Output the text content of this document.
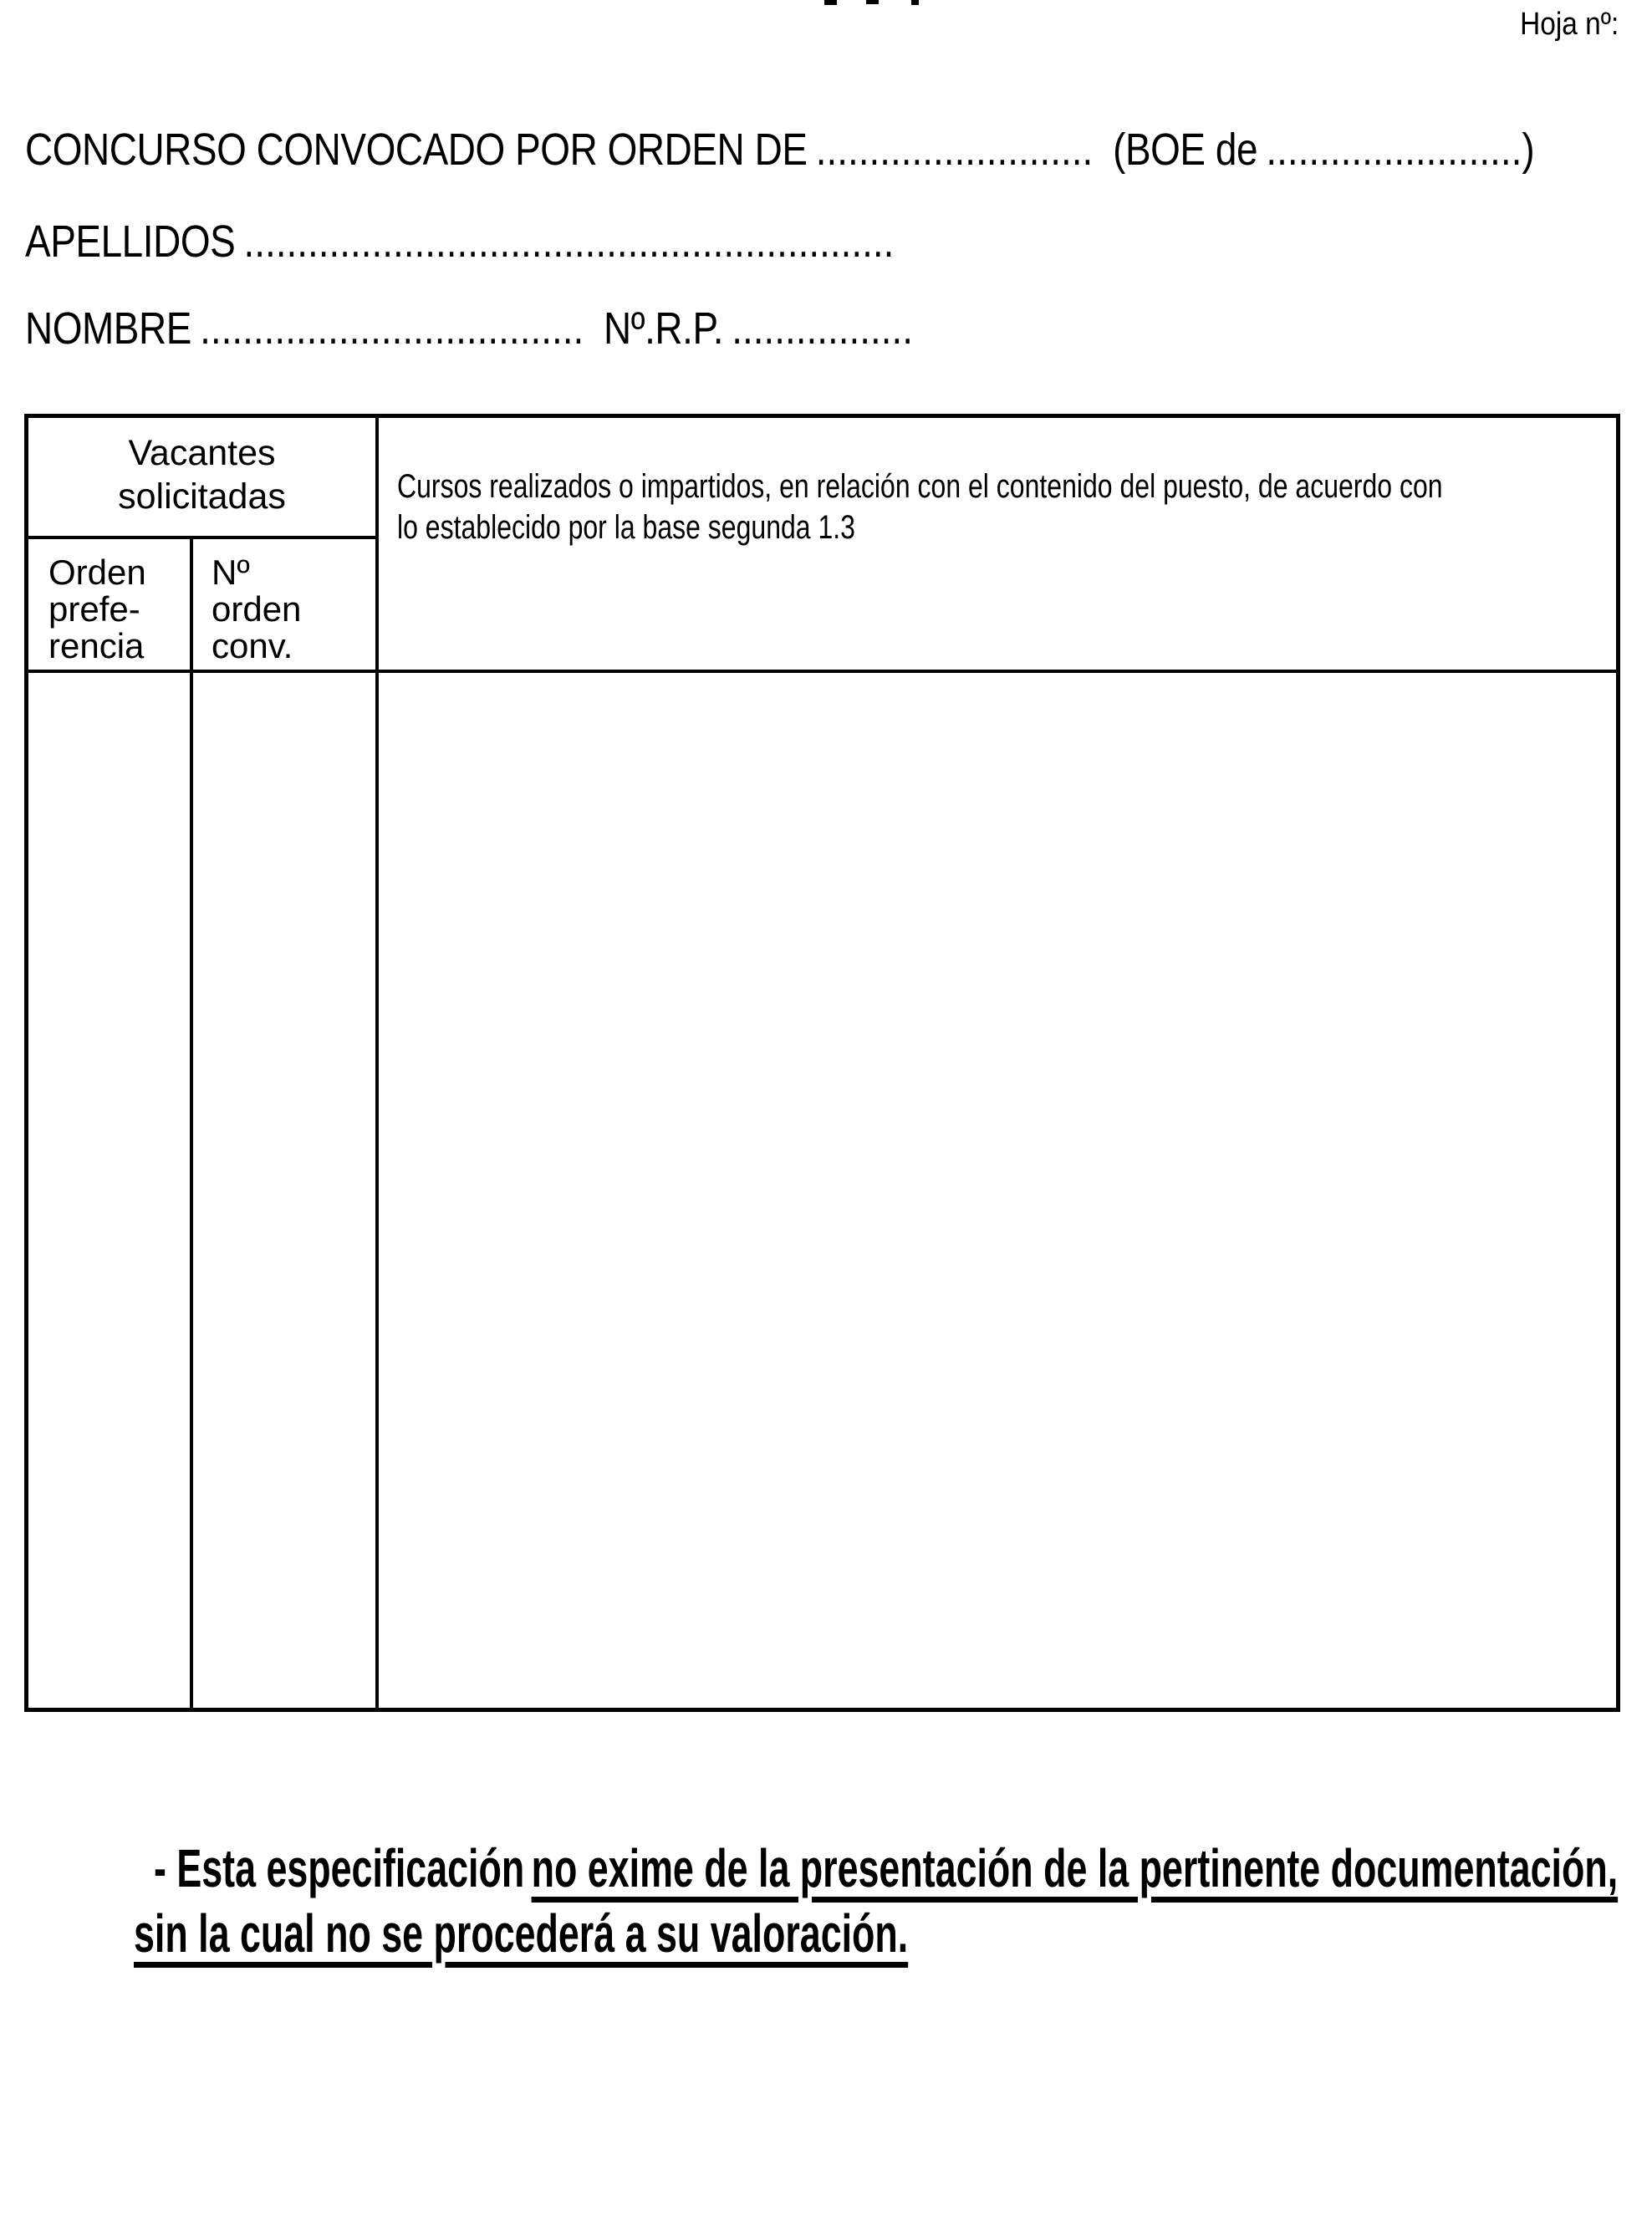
Hoja nº:
CONCURSO CONVOCADO POR ORDEN DE .......................... (BOE de ........................)
APELLIDOS .............................................................
NOMBRE .................................... Nº.R.P. .................
Vacantes
solicitadas	Cursos realizados o impartidos, en relación con el contenido del puesto, de acuerdo con
lo establecido por la base segunda 1.3
Orden
prefe-
rencia
Nº
orden
conv.
- Esta especificación no exime de la presentación de la pertinente documentación,
sin la cual no se procederá a su valoración.
